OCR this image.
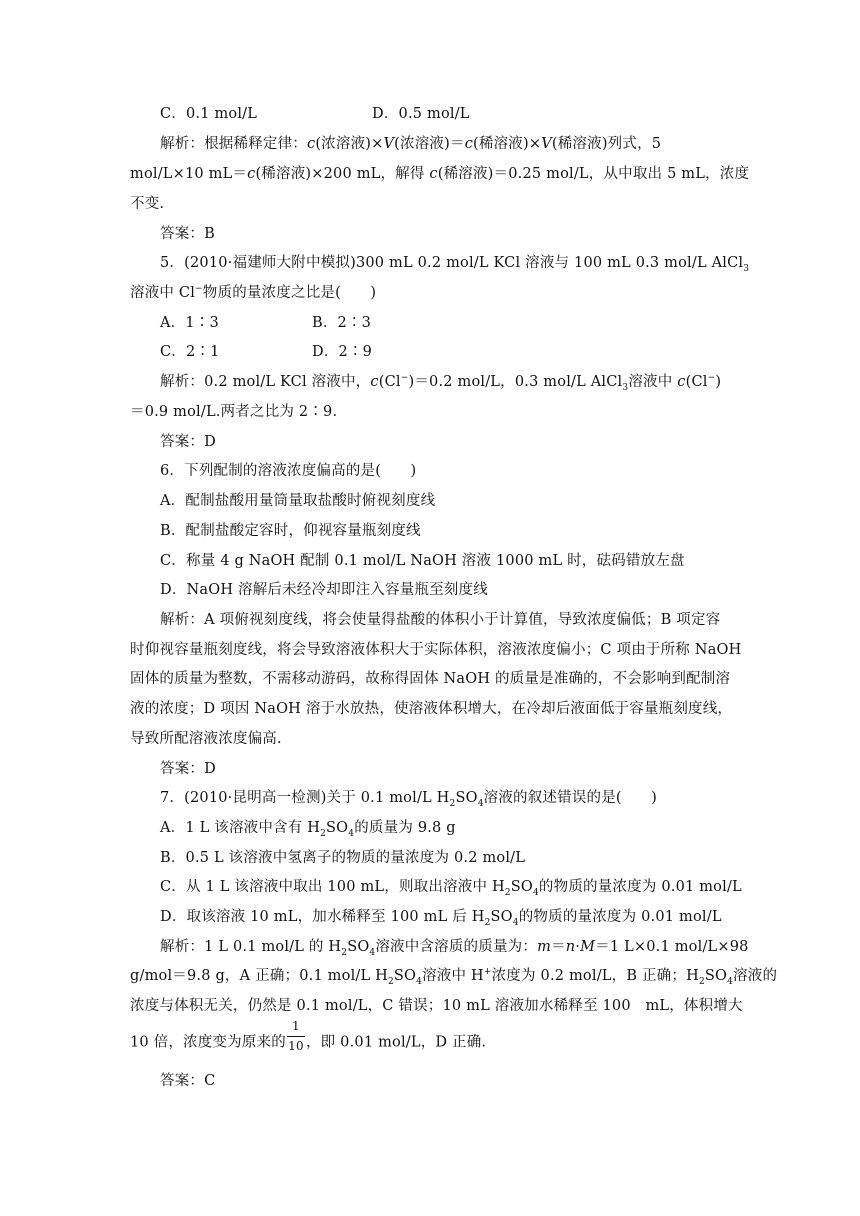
C．0.1 mol/L	D．0.5 mol/L
解析：根据稀释定律：c(浓溶液)×V(浓溶液)＝c(稀溶液)×V(稀溶液)列式，5
mol/L×10 mL＝c(稀溶液)×200 mL，解得 c(稀溶液)＝0.25 mol/L，从中取出 5 mL，浓度
不变.
答案：B
5．(2010·福建师大附中模拟)300 mL 0.2 mol/L KCl 溶液与 100 mL 0.3 mol/L AlCl$_3$
溶液中 Cl−物质的量浓度之比是(　　)
A．1∶3	B．2∶3
C．2∶1	D．2∶9
解析：0.2 mol/L KCl 溶液中，c(Cl−)＝0.2 mol/L，0.3 mol/L AlCl$_3$溶液中 c(Cl−)
＝0.9 mol/L.两者之比为 2∶9.
答案：D
6．下列配制的溶液浓度偏高的是(　　)
A．配制盐酸用量筒量取盐酸时俯视刻度线
B．配制盐酸定容时，仰视容量瓶刻度线
C．称量 4 g NaOH 配制 0.1 mol/L NaOH 溶液 1000 mL 时，砝码错放左盘
D．NaOH 溶解后未经冷却即注入容量瓶至刻度线
解析：A 项俯视刻度线，将会使量得盐酸的体积小于计算值，导致浓度偏低；B 项定容
时仰视容量瓶刻度线，将会导致溶液体积大于实际体积，溶液浓度偏小；C 项由于所称 NaOH
固体的质量为整数，不需移动游码，故称得固体 NaOH 的质量是准确的，不会影响到配制溶
液的浓度；D 项因 NaOH 溶于水放热，使溶液体积增大，在冷却后液面低于容量瓶刻度线，
导致所配溶液浓度偏高.
答案：D
7．(2010·昆明高一检测)关于 0.1 mol/L $H_2SO_4$溶液的叙述错误的是(　　)
A．1 L 该溶液中含有 $H_2SO_4$的质量为 9.8 g
B．0.5 L 该溶液中氢离子的物质的量浓度为 0.2 mol/L
C．从 1 L 该溶液中取出 100 mL，则取出溶液中 $H_2SO_4$的物质的量浓度为 0.01 mol/L
D．取该溶液 10 mL，加水稀释至 100 mL 后 $H_2SO_4$的物质的量浓度为 0.01 mol/L
解析：1 L 0.1 mol/L 的 $H_2SO_4$溶液中含溶质的质量为：m＝n·M＝1 L×0.1 mol/L×98
g/mol＝9.8 g，A 正确；0.1 mol/L $H_2SO_4$溶液中 H+浓度为 0.2 mol/L，B 正确；$H_2SO_4$溶液的
浓度与体积无关，仍然是 0.1 mol/L，C 错误；10 mL 溶液加水稀释至 100　mL，体积增大
10 倍，浓度变为原来的 $\frac{1}{10}$ ，即 0.01 mol/L，D 正确.
答案：C
